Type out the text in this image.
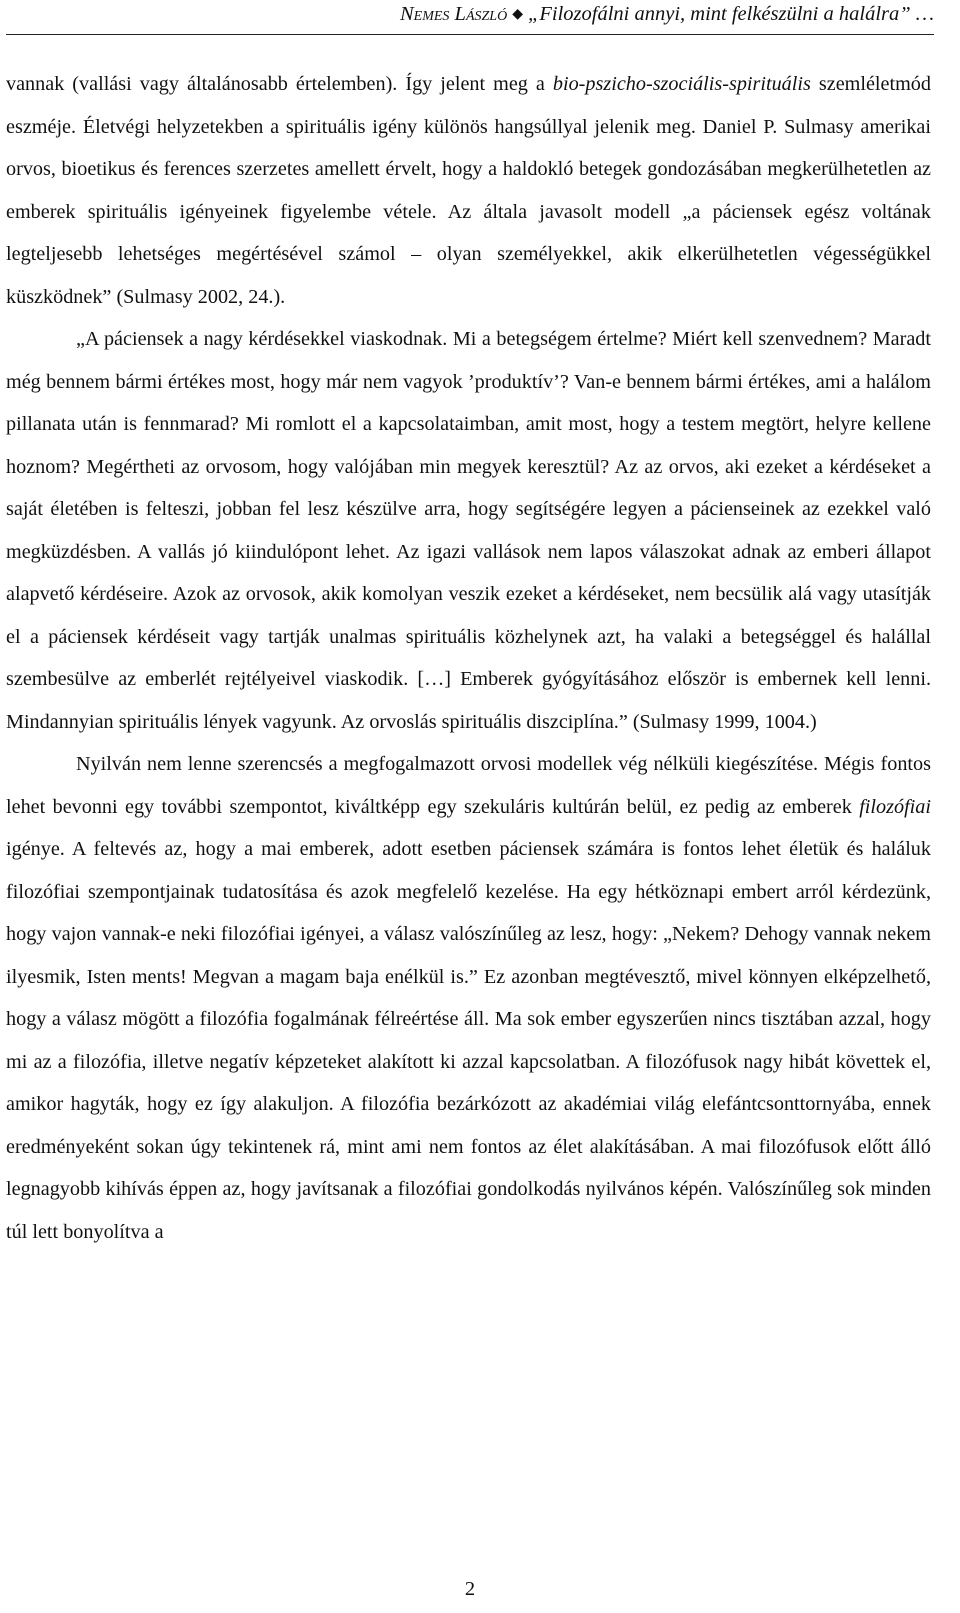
Nemes László ◆ „Filozofálni annyi, mint felkészülni a halálra” …

vannak (vallási vagy általánosabb értelemben). Így jelent meg a bio-pszicho-szociális-spirituális szemléletmód eszméje. Életvégi helyzetekben a spirituális igény különös hangsúllyal jelenik meg. Daniel P. Sulmasy amerikai orvos, bioetikus és ferences szerzetes amellett érvelt, hogy a haldokló betegek gondozásában megkerülhetetlen az emberek spirituális igényeinek figyelembe vétele. Az általa javasolt modell „a páciensek egész voltának legteljesebb lehetséges megértésével számol – olyan személyekkel, akik elkerülhetetlen végességükkel küszködnek” (Sulmasy 2002, 24.).

„A páciensek a nagy kérdésekkel viaskodnak. Mi a betegségem értelme? Miért kell szenvednem? Maradt még bennem bármi értékes most, hogy már nem vagyok ’produktív’? Van-e bennem bármi értékes, ami a halálom pillanata után is fennmarad? Mi romlott el a kapcsolataimban, amit most, hogy a testem megtört, helyre kellene hoznom? Megértheti az orvosom, hogy valójában min megyek keresztül? Az az orvos, aki ezeket a kérdéseket a saját életében is felteszi, jobban fel lesz készülve arra, hogy segítségére legyen a pácienseinek az ezekkel való megküzdésben. A vallás jó kiindulópont lehet. Az igazi vallások nem lapos válaszokat adnak az emberi állapot alapvető kérdéseire. Azok az orvosok, akik komolyan veszik ezeket a kérdéseket, nem becsülik alá vagy utasítják el a páciensek kérdéseit vagy tartják unalmas spirituális közhelynek azt, ha valaki a betegséggel és halállal szembesülve az emberlét rejtélyeivel viaskodik. […] Emberek gyógyításához először is embernek kell lenni. Mindannyian spirituális lények vagyunk. Az orvoslás spirituális diszciplína.” (Sulmasy 1999, 1004.)

Nyilván nem lenne szerencsés a megfogalmazott orvosi modellek vég nélküli kiegészítése. Mégis fontos lehet bevonni egy további szempontot, kiváltképp egy szekuláris kultúrán belül, ez pedig az emberek filozófiai igénye. A feltevés az, hogy a mai emberek, adott esetben páciensek számára is fontos lehet életük és haláluk filozófiai szempontjainak tudatosítása és azok megfelelő kezelése. Ha egy hétköznapi embert arról kérdezünk, hogy vajon vannak-e neki filozófiai igényei, a válasz valószínűleg az lesz, hogy: „Nekem? Dehogy vannak nekem ilyesmik, Isten ments! Megvan a magam baja enélkül is.” Ez azonban megtévesztő, mivel könnyen elképzelhető, hogy a válasz mögött a filozófia fogalmának félreértése áll. Ma sok ember egyszerűen nincs tisztában azzal, hogy mi az a filozófia, illetve negatív képzeteket alakított ki azzal kapcsolatban. A filozófusok nagy hibát követtek el, amikor hagyták, hogy ez így alakuljon. A filozófia bezárkózott az akadémiai világ elefántcsonttornyába, ennek eredményeként sokan úgy tekintenek rá, mint ami nem fontos az élet alakításában. A mai filozófusok előtt álló legnagyobb kihívás éppen az, hogy javítsanak a filozófiai gondolkodás nyilvános képén. Valószínűleg sok minden túl lett bonyolítva a

2
